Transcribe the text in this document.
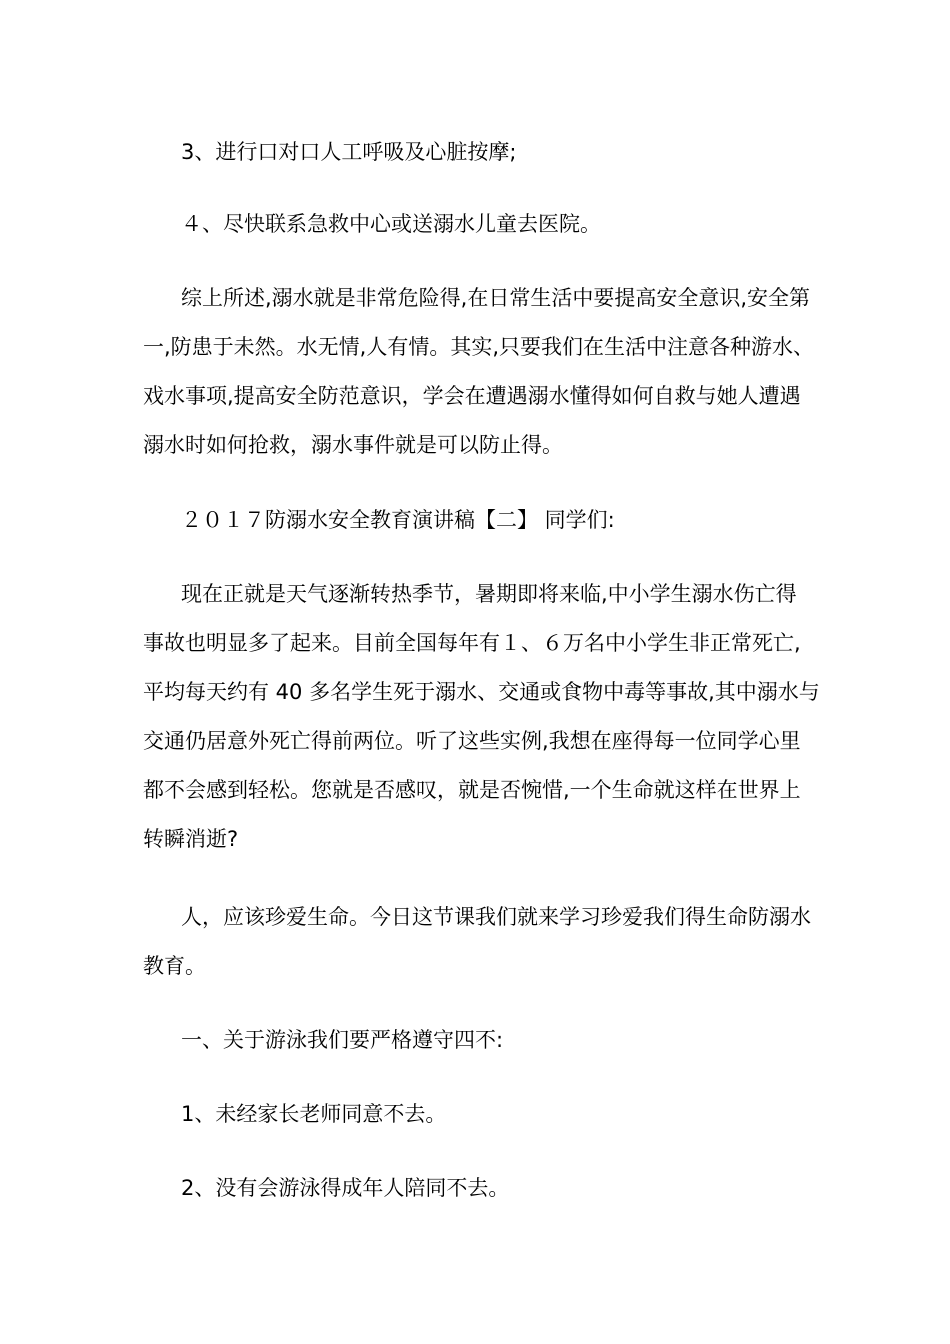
3、进行口对口人工呼吸及心脏按摩;

４、尽快联系急救中心或送溺水儿童去医院。

综上所述,溺水就是非常危险得,在日常生活中要提高安全意识,安全第
一,防患于未然。水无情,人有情。其实,只要我们在生活中注意各种游水、
戏水事项,提高安全防范意识，学会在遭遇溺水懂得如何自救与她人遭遇
溺水时如何抢救，溺水事件就是可以防止得。

２０１７防溺水安全教育演讲稿【二】 同学们:

现在正就是天气逐渐转热季节，暑期即将来临,中小学生溺水伤亡得
事故也明显多了起来。目前全国每年有１、６万名中小学生非正常死亡,
平均每天约有 40 多名学生死于溺水、交通或食物中毒等事故,其中溺水与
交通仍居意外死亡得前两位。听了这些实例,我想在座得每一位同学心里
都不会感到轻松。您就是否感叹，就是否惋惜,一个生命就这样在世界上
转瞬消逝?

人，应该珍爱生命。今日这节课我们就来学习珍爱我们得生命防溺水
教育。

一、关于游泳我们要严格遵守四不:

1、未经家长老师同意不去。

2、没有会游泳得成年人陪同不去。
